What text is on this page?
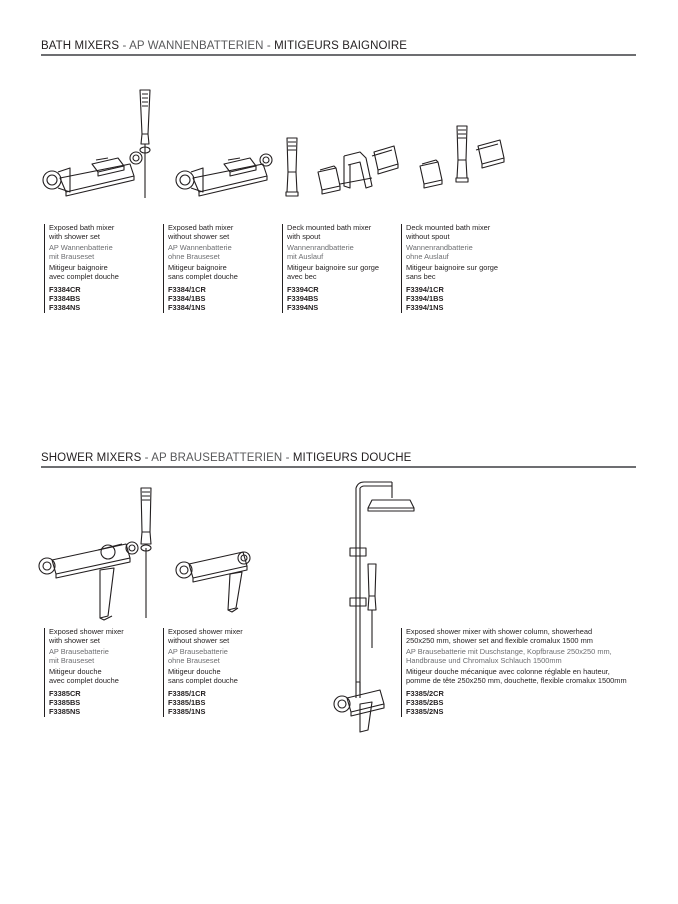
BATH MIXERS - AP WANNENBATTERIEN - MITIGEURS BAIGNOIRE
Exposed bath mixer
with shower set
AP Wannenbatterie
mit Brauseset
Mitigeur baignoire
avec complet douche
F3384CR
F3384BS
F3384NS
Exposed bath mixer
without shower set
AP Wannenbatterie
ohne Brauseset
Mitigeur baignoire
sans complet douche
F3384/1CR
F3384/1BS
F3384/1NS
Deck mounted bath mixer
with spout
Wannenrandbatterie
mit Auslauf
Mitigeur baignoire sur gorge
avec bec
F3394CR
F3394BS
F3394NS
Deck mounted bath mixer
without spout
Wannenrandbatterie
ohne Auslauf
Mitigeur baignoire sur gorge
sans bec
F3394/1CR
F3394/1BS
F3394/1NS
SHOWER MIXERS - AP BRAUSEBATTERIEN - MITIGEURS DOUCHE
Exposed shower mixer
with shower set
AP Brausebatterie
mit Brauseset
Mitigeur douche
avec complet douche
F3385CR
F3385BS
F3385NS
Exposed shower mixer
without shower set
AP Brausebatterie
ohne Brauseset
Mitigeur douche
sans complet douche
F3385/1CR
F3385/1BS
F3385/1NS
Exposed shower mixer with shower column, showerhead
250x250 mm, shower set and flexible cromalux 1500 mm
AP Brausebatterie mit Duschstange, Kopfbrause 250x250 mm,
Handbrause und Chromalux Schlauch 1500mm
Mitigeur douche mécanique avec colonne réglable en hauteur,
pomme de tête 250x250 mm, douchette, flexible cromalux 1500mm
F3385/2CR
F3385/2BS
F3385/2NS
